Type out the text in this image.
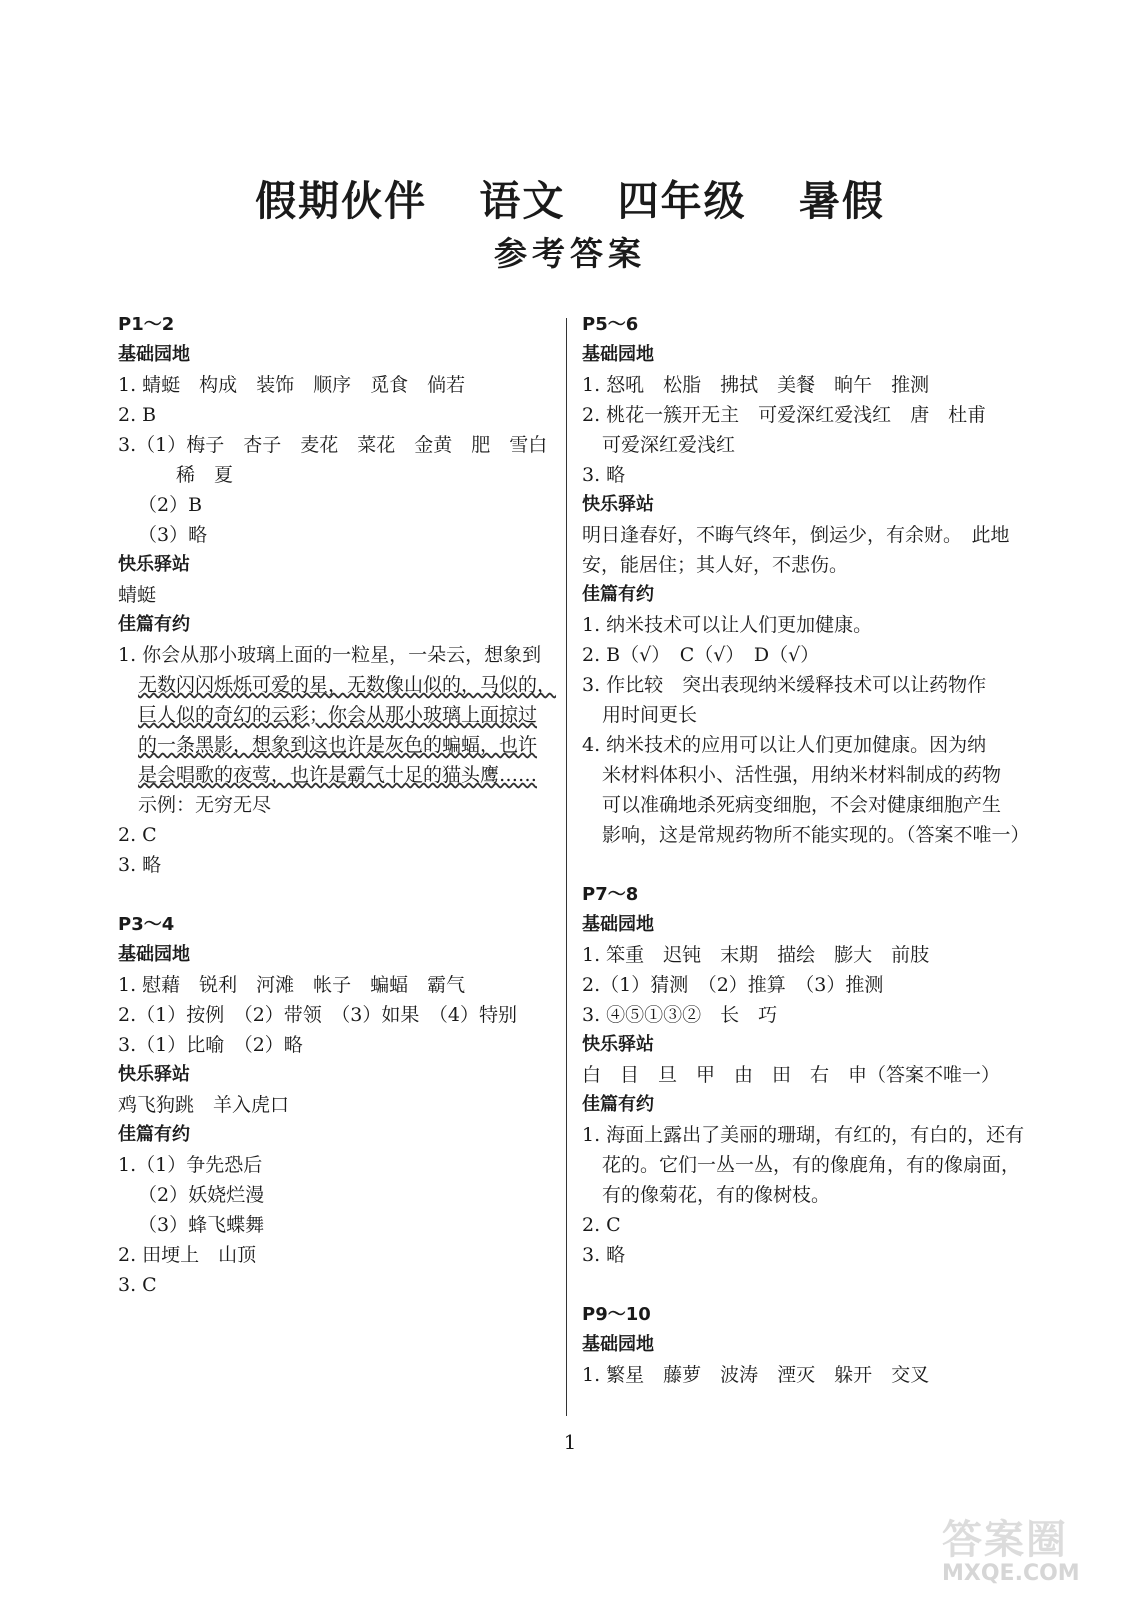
假期伙伴 语文 四年级 暑假
参考答案
P1～2
基础园地
1. 蜻蜓　构成　装饰　顺序　觅食　倘若
2. B
3.（1）梅子　杏子　麦花　菜花　金黄　肥　雪白
稀　夏
（2）B
（3）略
快乐驿站
蜻蜓
佳篇有约
1. 你会从那小玻璃上面的一粒星，一朵云，想象到
无数闪闪烁烁可爱的星，无数像山似的，马似的，
巨人似的奇幻的云彩；你会从那小玻璃上面掠过
的一条黑影，想象到这也许是灰色的蝙蝠，也许
是会唱歌的夜莺，也许是霸气十足的猫头鹰……
示例：无穷无尽
2. C
3. 略
P3～4
基础园地
1. 慰藉　锐利　河滩　帐子　蝙蝠　霸气
2.（1）按例　（2）带领　（3）如果　（4）特别
3.（1）比喻　（2）略
快乐驿站
鸡飞狗跳　羊入虎口
佳篇有约
1.（1）争先恐后
（2）妖娆烂漫
（3）蜂飞蝶舞
2. 田埂上　山顶
3. C
P5～6
基础园地
1. 怒吼　松脂　拂拭　美餐　晌午　推测
2. 桃花一簇开无主　可爱深红爱浅红　唐　杜甫
可爱深红爱浅红
3. 略
快乐驿站
明日逢春好，不晦气终年，倒运少，有余财。　此地
安，能居住；其人好，不悲伤。
佳篇有约
1. 纳米技术可以让人们更加健康。
2. B（√）　C（√）　D（√）
3. 作比较　突出表现纳米缓释技术可以让药物作
用时间更长
4. 纳米技术的应用可以让人们更加健康。因为纳
米材料体积小、活性强，用纳米材料制成的药物
可以准确地杀死病变细胞，不会对健康细胞产生
影响，这是常规药物所不能实现的。（答案不唯一）
P7～8
基础园地
1. 笨重　迟钝　末期　描绘　膨大　前肢
2.（1）猜测　（2）推算　（3）推测
3. ④⑤①③②　长　巧
快乐驿站
白　目　旦　甲　由　田　右　申（答案不唯一）
佳篇有约
1. 海面上露出了美丽的珊瑚，有红的，有白的，还有
花的。它们一丛一丛，有的像鹿角，有的像扇面，
有的像菊花，有的像树枝。
2. C
3. 略
P9～10
基础园地
1. 繁星　藤萝　波涛　湮灭　躲开　交叉
1
答案圈
MXQE.COM
